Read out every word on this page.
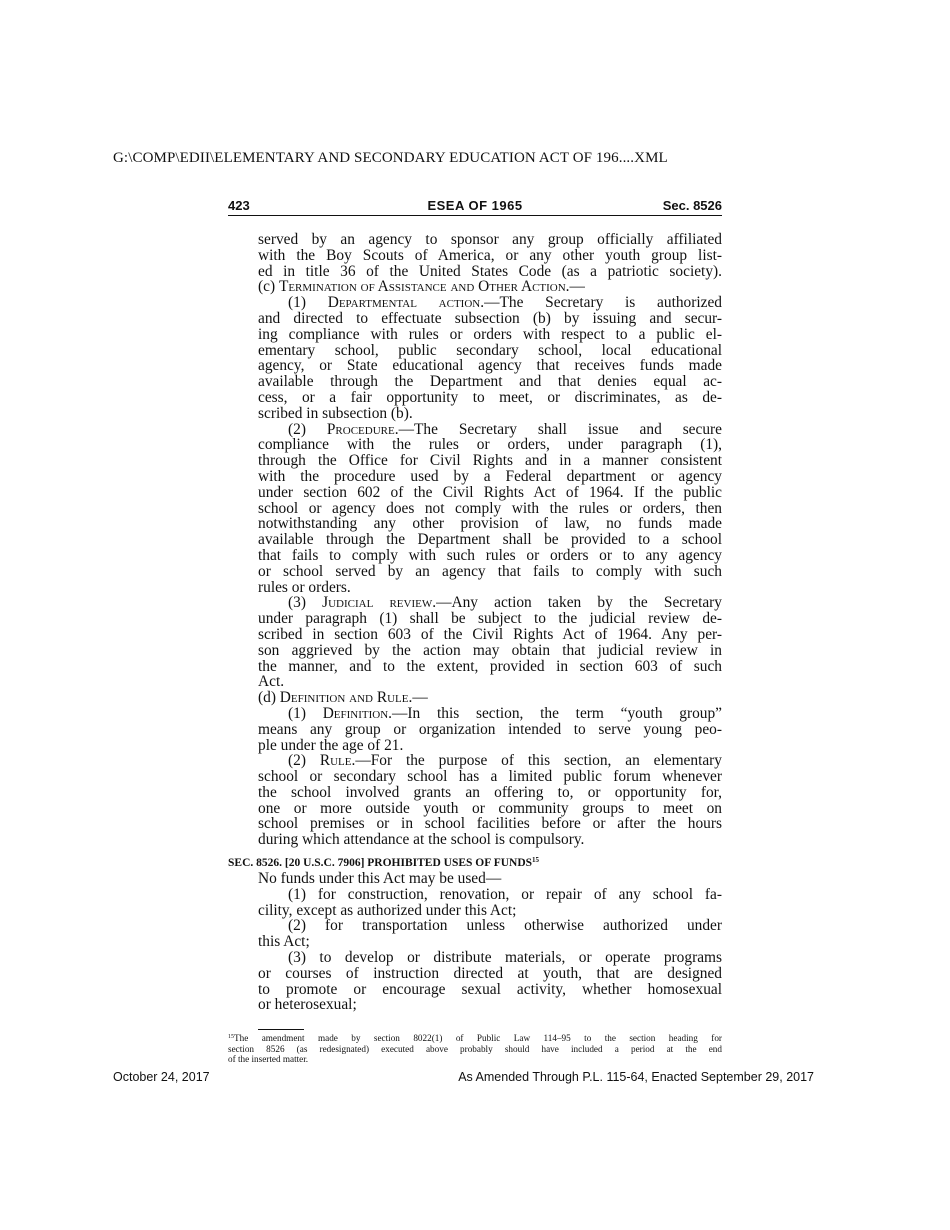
G:\COMP\EDII\ELEMENTARY AND SECONDARY EDUCATION ACT OF 196....XML
423	ESEA OF 1965	Sec. 8526
served by an agency to sponsor any group officially affiliated
with the Boy Scouts of America, or any other youth group list-
ed in title 36 of the United States Code (as a patriotic society).
(c) Termination of Assistance and Other Action.—
(1) Departmental action.—The Secretary is authorized
and directed to effectuate subsection (b) by issuing and secur-
ing compliance with rules or orders with respect to a public el-
ementary school, public secondary school, local educational
agency, or State educational agency that receives funds made
available through the Department and that denies equal ac-
cess, or a fair opportunity to meet, or discriminates, as de-
scribed in subsection (b).
(2) Procedure.—The Secretary shall issue and secure
compliance with the rules or orders, under paragraph (1),
through the Office for Civil Rights and in a manner consistent
with the procedure used by a Federal department or agency
under section 602 of the Civil Rights Act of 1964. If the public
school or agency does not comply with the rules or orders, then
notwithstanding any other provision of law, no funds made
available through the Department shall be provided to a school
that fails to comply with such rules or orders or to any agency
or school served by an agency that fails to comply with such
rules or orders.
(3) Judicial review.—Any action taken by the Secretary
under paragraph (1) shall be subject to the judicial review de-
scribed in section 603 of the Civil Rights Act of 1964. Any per-
son aggrieved by the action may obtain that judicial review in
the manner, and to the extent, provided in section 603 of such
Act.
(d) Definition and Rule.—
(1) Definition.—In this section, the term “youth group”
means any group or organization intended to serve young peo-
ple under the age of 21.
(2) Rule.—For the purpose of this section, an elementary
school or secondary school has a limited public forum whenever
the school involved grants an offering to, or opportunity for,
one or more outside youth or community groups to meet on
school premises or in school facilities before or after the hours
during which attendance at the school is compulsory.
SEC. 8526. [20 U.S.C. 7906] PROHIBITED USES OF FUNDS$^{15}$
No funds under this Act may be used—
(1) for construction, renovation, or repair of any school fa-
cility, except as authorized under this Act;
(2) for transportation unless otherwise authorized under
this Act;
(3) to develop or distribute materials, or operate programs
or courses of instruction directed at youth, that are designed
to promote or encourage sexual activity, whether homosexual
or heterosexual;
$^{15}$The amendment made by section 8022(1) of Public Law 114–95 to the section heading for
section 8526 (as redesignated) executed above probably should have included a period at the end
of the inserted matter.
October 24, 2017	As Amended Through P.L. 115-64, Enacted September 29, 2017
